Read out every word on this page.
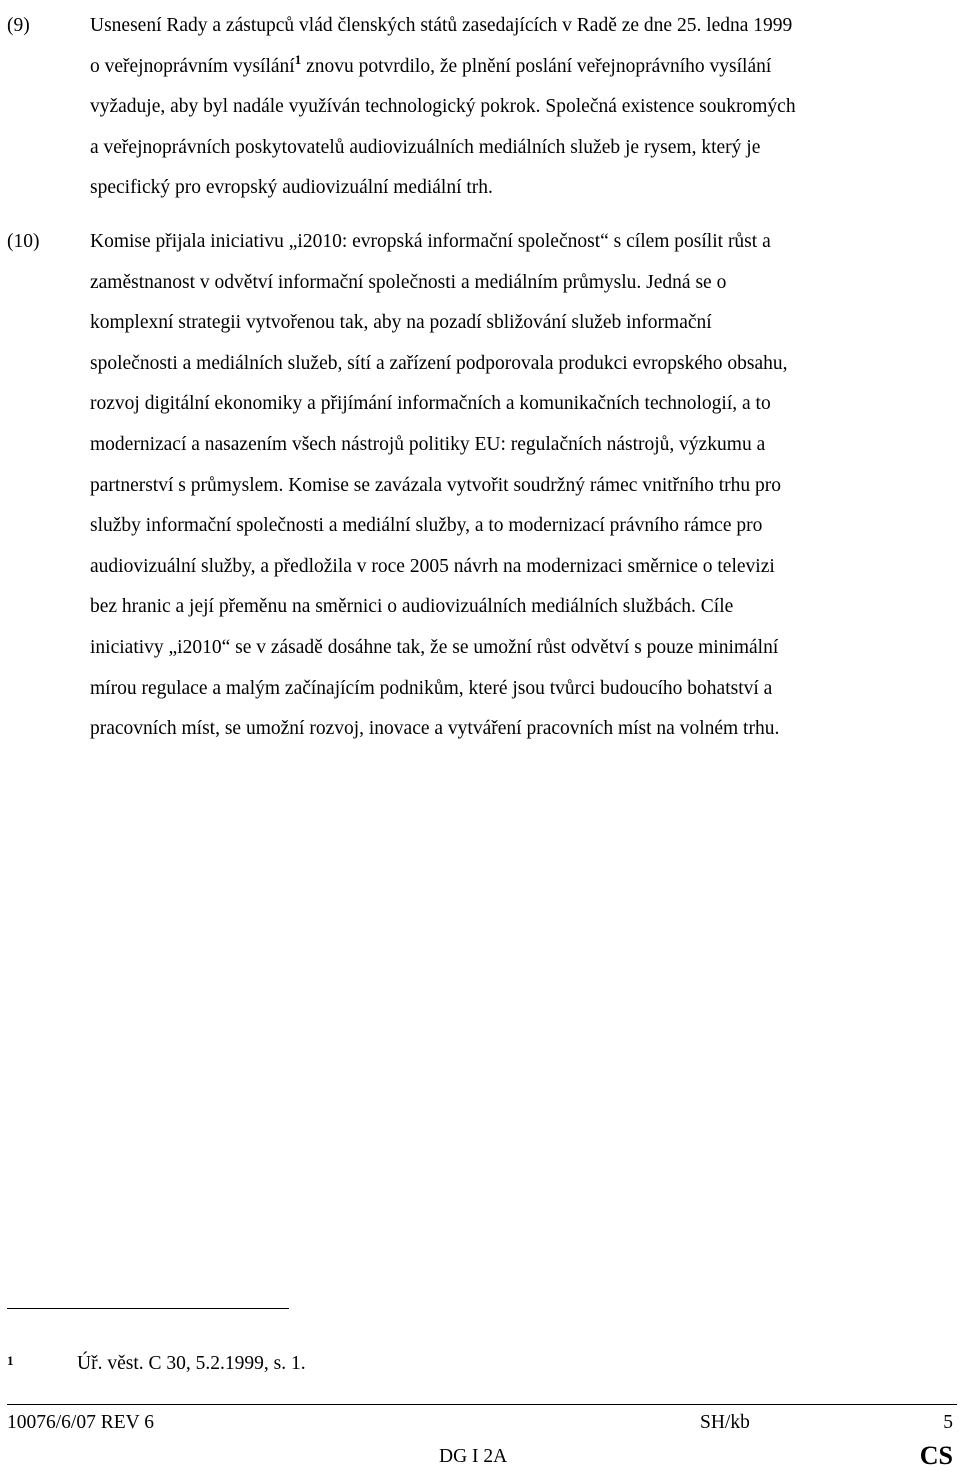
(9)	Usnesení Rady a zástupců vlád členských států zasedajících v Radě ze dne 25. ledna 1999
o veřejnoprávním vysílání$^1$ znovu potvrdilo, že plnění poslání veřejnoprávního vysílání
vyžaduje, aby byl nadále využíván technologický pokrok. Společná existence soukromých
a veřejnoprávních poskytovatelů audiovizuálních mediálních služeb je rysem, který je
specifický pro evropský audiovizuální mediální trh.
(10)	Komise přijala iniciativu „i2010: evropská informační společnost“ s cílem posílit růst a
zaměstnanost v odvětví informační společnosti a mediálním průmyslu. Jedná se o
komplexní strategii vytvořenou tak, aby na pozadí sbližování služeb informační
společnosti a mediálních služeb, sítí a zařízení podporovala produkci evropského obsahu,
rozvoj digitální ekonomiky a přijímání informačních a komunikačních technologií, a to
modernizací a nasazením všech nástrojů politiky EU: regulačních nástrojů, výzkumu a
partnerství s průmyslem. Komise se zavázala vytvořit soudržný rámec vnitřního trhu pro
služby informační společnosti a mediální služby, a to modernizací právního rámce pro
audiovizuální služby, a předložila v roce 2005 návrh na modernizaci směrnice o televizi
bez hranic a její přeměnu na směrnici o audiovizuálních mediálních službách. Cíle
iniciativy „i2010“ se v zásadě dosáhne tak, že se umožní růst odvětví s pouze minimální
mírou regulace a malým začínajícím podnikům, které jsou tvůrci budoucího bohatství a
pracovních míst, se umožní rozvoj, inovace a vytváření pracovních míst na volném trhu.
1	Úř. věst. C 30, 5.2.1999, s. 1.
10076/6/07 REV 6	SH/kb	5
DG I 2A	CS
